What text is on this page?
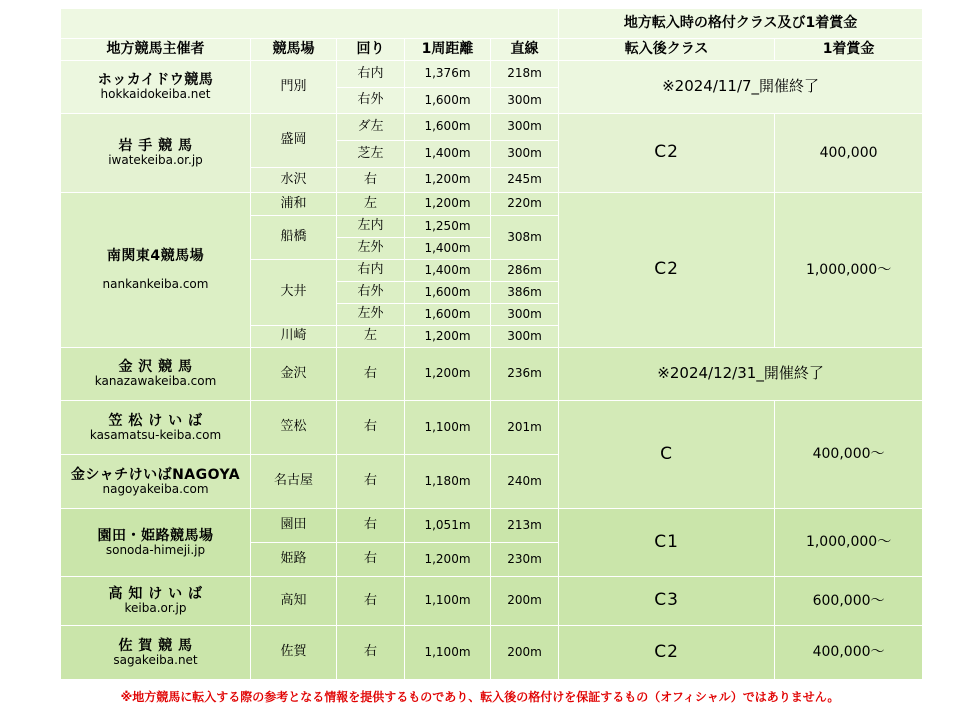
					地方転入時の格付クラス及び1着賞金	
地方競馬主催者	競馬場	回り	1周距離	直線	転入後クラス	1着賞金

ホッカイドウ競馬
hokkaidokeiba.net	門別	右内	1,376m	218m	※2024/11/7_開催終了	
		右外	1,600m	300m		

岩 手 競 馬
iwatekeiba.or.jp	盛岡	ダ左	1,600m	300m	C2	400,000
		芝左	1,400m	300m		
	水沢	右	1,200m	245m		

南関東4競馬場
nankankeiba.com	浦和	左	1,200m	220m	C2	1,000,000～
	船橋	左内	1,250m	308m		
		左外	1,400m			
	大井	右内	1,400m	286m		
		右外	1,600m	386m		
		左外	1,600m	300m		
	川崎	左	1,200m	300m		

金 沢 競 馬
kanazawakeiba.com	金沢	右	1,200m	236m	※2024/12/31_開催終了	

笠 松 け い ば
kasamatsu-keiba.com	笠松	右	1,100m	201m	C	400,000～

金シャチけいばNAGOYA
nagoyakeiba.com	名古屋	右	1,180m	240m		

園田・姫路競馬場
sonoda-himeji.jp	園田	右	1,051m	213m	C1	1,000,000～
	姫路	右	1,200m	230m		

高 知 け い ば
keiba.or.jp	高知	右	1,100m	200m	C3	600,000～

佐 賀 競 馬
sagakeiba.net	佐賀	右	1,100m	200m	C2	400,000～
※地方競馬に転入する際の参考となる情報を提供するものであり、転入後の格付けを保証するもの（オフィシャル）ではありません。
